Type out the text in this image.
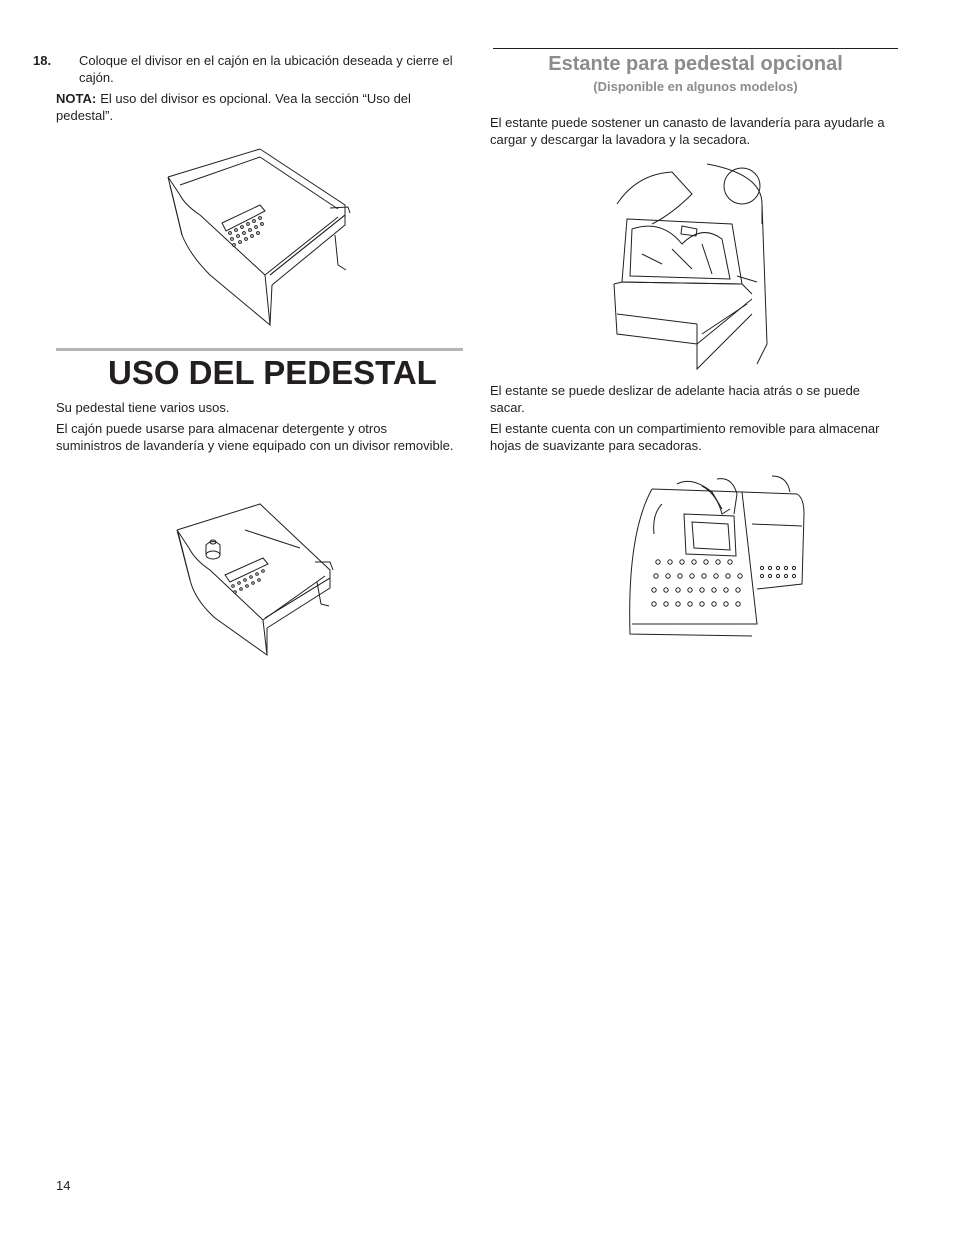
18. Coloque el divisor en el cajón en la ubicación deseada y cierre el cajón.
NOTA: El uso del divisor es opcional. Vea la sección “Uso del pedestal”.
USO DEL PEDESTAL

Su pedestal tiene varios usos.

El cajón puede usarse para almacenar detergente y otros suministros de lavandería y viene equipado con un divisor removible.

Estante para pedestal opcional
(Disponible en algunos modelos)

El estante puede sostener un canasto de lavandería para ayudarle a cargar y descargar la lavadora y la secadora.

El estante se puede deslizar de adelante hacia atrás o se puede sacar.

El estante cuenta con un compartimiento removible para almacenar hojas de suavizante para secadoras.

14
